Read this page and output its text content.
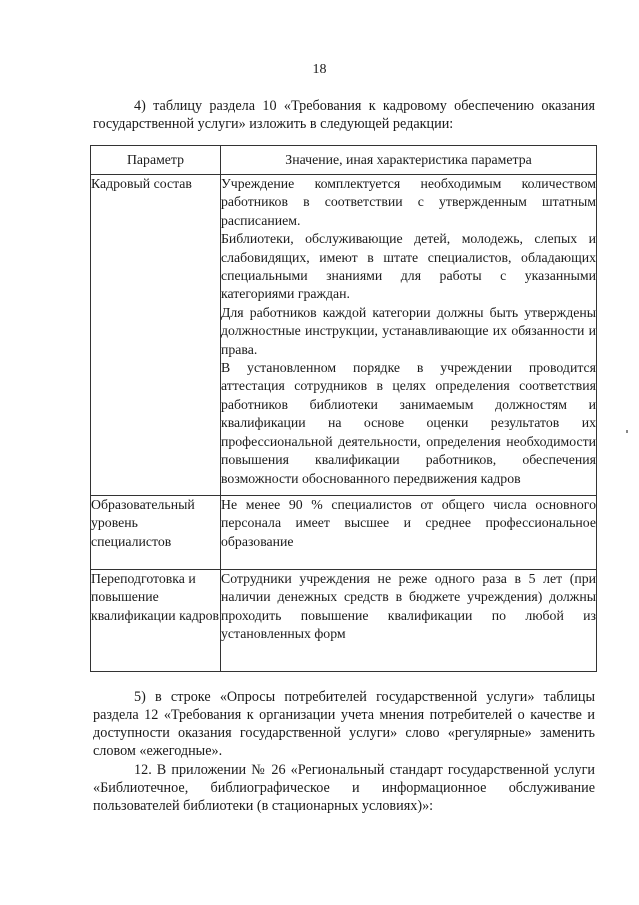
18
4) таблицу раздела 10 «Требования к кадровому обеспечению оказания государственной услуги» изложить в следующей редакции:
Параметр	Значение, иная характеристика параметра
Кадровый состав	Учреждение комплектуется необходимым количеством работников в соответствии с утвержденным штатным расписанием.

Библиотеки, обслуживающие детей, молодежь, слепых и слабовидящих, имеют в штате специалистов, обладающих специальными знаниями для работы с указанными категориями граждан.

Для работников каждой категории должны быть утверждены должностные инструкции, устанавливающие их обязанности и права.

В установленном порядке в учреждении проводится аттестация сотрудников в целях определения соответствия работников библиотеки занимаемым должностям и квалификации на основе оценки результатов их профессиональной деятельности, определения необходимости повышения квалификации работников, обеспечения возможности обоснованного передвижения кадров

Образовательный уровень специалистов	Не менее 90 % специалистов от общего числа основного персонала имеет высшее и среднее профессиональное образование

Переподготовка и повышение квалификации кадров	Сотрудники учреждения не реже одного раза в 5 лет (при наличии денежных средств в бюджете учреждения) должны проходить повышение квалификации по любой из установленных форм

5) в строке «Опросы потребителей государственной услуги» таблицы раздела 12 «Требования к организации учета мнения потребителей о качестве и доступности оказания государственной услуги» слово «регулярные» заменить словом «ежегодные».
12. В приложении № 26 «Региональный стандарт государственной услуги «Библиотечное, библиографическое и информационное обслуживание пользователей библиотеки (в стационарных условиях)»:
